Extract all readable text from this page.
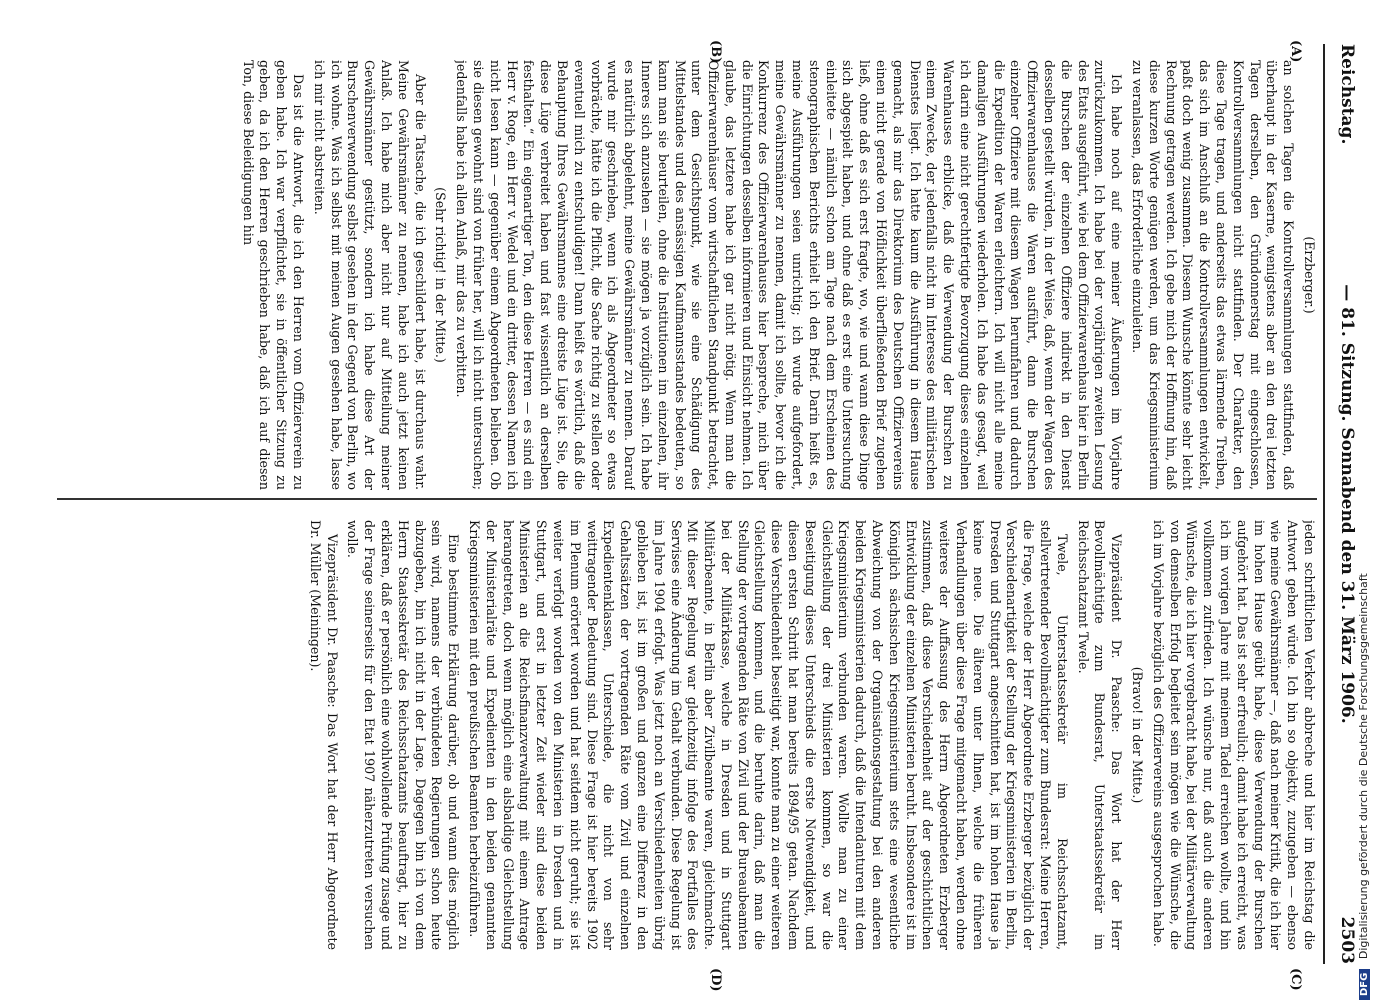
Reichstag.
— 81. Sitzung. Sonnabend den 31. März 1906.
2503
(A)
(B)
(C)
(D)

(Erzberger.)

an solchen Tagen die Kontrollversammlungen stattfinden, daß überhaupt in der Kaserne, wenigstens aber an den drei letzten Tagen derselben, den Gründonnerstag mit eingeschlossen, Kontrollversammlungen nicht stattfinden. Der Charakter, den diese Tage tragen, und anderseits das etwas lärmende Treiben, das sich im Anschluß an die Kontrollversammlungen entwickelt, paßt doch wenig zusammen. Diesem Wunsche könnte sehr leicht Rechnung getragen werden. Ich gebe mich der Hoffnung hin, daß diese kurzen Worte genügen werden, um das Kriegsministerium zu veranlassen, das Erforderliche einzuleiten.

Ich habe noch auf eine meiner Äußerungen im Vorjahre zurückzukommen. Ich habe bei der vorjährigen zweiten Lesung des Etats ausgeführt, wie bei dem Offizierwarenhaus hier in Berlin die Burschen der einzelnen Offiziere indirekt in den Dienst desselben gestellt würden, in der Weise, daß, wenn der Wagen des Offizierwarenhauses die Waren ausführt, dann die Burschen einzelner Offiziere mit diesem Wagen herumfahren und dadurch die Expedition der Waren erleichtern. Ich will nicht alle meine damaligen Ausführungen wiederholen. Ich habe das gesagt, weil ich darin eine nicht gerechtfertigte Bevorzugung dieses einzelnen Warenhauses erblicke, daß die Verwendung der Burschen zu einem Zwecke, der jedenfalls nicht im Interesse des militärischen Dienstes liegt. Ich hatte kaum die Ausführung in diesem Hause gemacht, als mir das Direktorium des Deutschen Offiziervereins einen nicht gerade von Höflichkeit überfließenden Brief zugehen ließ, ohne daß es sich erst fragte, wo, wie und wann diese Dinge sich abgespielt haben, und ohne daß es erst eine Untersuchung einleitete — nämlich schon am Tage nach dem Erscheinen des stenographischen Berichts erhielt ich den Brief. Darin heißt es, meine Ausführungen seien unrichtig; ich wurde aufgefordert, meine Gewährsmänner zu nennen, damit ich sollte, bevor ich die Konkurrenz des Offizierwarenhauses hier bespreche, mich über die Einrichtungen desselben informieren und Einsicht nehmen. Ich glaube, das letztere habe ich gar nicht nötig. Wenn man die Offizierwarenhäuser vom wirtschaftlichen Standpunkt betrachtet, unter dem Gesichtspunkt, wie sie eine Schädigung des Mittelstandes und des ansässigen Kaufmannsstandes bedeuten, so kann man sie beurteilen, ohne die Institutionen im einzelnen, ihr Inneres sich anzusehen — sie mögen ja vorzüglich sein. Ich habe es natürlich abgelehnt, meine Gewährsmänner zu nennen. Darauf wurde mir geschrieben, wenn ich als Abgeordneter so etwas vorbrächte, hätte ich die Pflicht, die Sache richtig zu stellen oder eventuell mich zu entschuldigen! Dann heißt es wörtlich, daß die Behauptung Ihres Gewährsmannes eine dreiste Lüge ist. Sie, die diese Lüge verbreitet haben und fast wissentlich an derselben festhalten.“ Ein eigenartiger Ton, den diese Herren — es sind ein Herr v. Roge, ein Herr v. Wedel und ein dritter, dessen Namen ich nicht lesen kann — gegenüber einem Abgeordneten belieben. Ob sie diesen gewohnt sind von früher her, will ich nicht untersuchen; jedenfalls habe ich allen Anlaß, mir das zu verbitten.

(Sehr richtig! in der Mitte.)

Aber die Tatsache, die ich geschildert habe, ist durchaus wahr. Meine Gewährsmänner zu nennen, habe ich auch jetzt keinen Anlaß. Ich habe mich aber nicht nur auf Mitteilung meiner Gewährsmänner gestützt, sondern ich habe diese Art der Burschenverwendung selbst gesehen in der Gegend von Berlin, wo ich wohne. Was ich selbst mit meinen Augen gesehen habe, lasse ich mir nicht abstreiten.

Das ist die Antwort, die ich den Herren vom Offizierverein zu geben habe. Ich war verpflichtet, sie in öffentlicher Sitzung zu geben, da ich den Herren geschrieben habe, daß ich auf diesen Ton, diese Beleidigungen hin

jeden schriftlichen Verkehr abbreche und hier im Reichstag die Antwort geben würde. Ich bin so objektiv, zuzugeben — ebenso wie meine Gewährsmänner —, daß nach meiner Kritik, die ich hier im hohen Hause geübt habe, diese Verwendung der Burschen aufgehört hat. Das ist sehr erfreulich; damit habe ich erreicht, was ich im vorigen Jahre mit meinem Tadel erreichen wollte, und bin vollkommen zufrieden. Ich wünsche nur, daß auch die anderen Wünsche, die ich hier vorgebracht habe, bei der Militärverwaltung von demselben Erfolg begleitet sein mögen wie die Wünsche, die ich im Vorjahre bezüglich des Offiziervereins ausgesprochen habe.

(Bravo! in der Mitte.)

Vizepräsident Dr. Paasche: Das Wort hat der Herr Bevollmächtigte zum Bundesrat, Unterstaatssekretär im Reichsschatzamt Twele.

Twele, Unterstaatssekretär im Reichsschatzamt, stellvertretender Bevollmächtigter zum Bundesrat: Meine Herren, die Frage, welche der Herr Abgeordnete Erzberger bezüglich der Verschiedenartigkeit der Stellung der Kriegsministerien in Berlin, Dresden und Stuttgart angeschnitten hat, ist im hohen Hause ja keine neue. Die älteren unter Ihnen, welche die früheren Verhandlungen über diese Frage mitgemacht haben, werden ohne weiteres der Auffassung des Herrn Abgeordneten Erzberger zustimmen, daß diese Verschiedenheit auf der geschichtlichen Entwicklung der einzelnen Ministerien beruht. Insbesondere ist im Königlich sächsischen Kriegsministerium stets eine wesentliche Abweichung von der Organisationsgestaltung bei den anderen beiden Kriegsministerien dadurch, daß die Intendanturen mit dem Kriegsministerium verbunden waren. Wollte man zu einer Gleichstellung der drei Ministerien kommen, so war die Beseitigung dieses Unterschieds die erste Notwendigkeit, und diesen ersten Schritt hat man bereits 1894/95 getan. Nachdem diese Verschiedenheit beseitigt war, konnte man zu einer weiteren Gleichstellung kommen, und die beruhte darin, daß man die Stellung der vortragenden Räte von Zivil und der Bureaubeamten bei der Militärkasse, welche in Dresden und in Stuttgart Militärbeamte, in Berlin aber Zivilbeamte waren, gleichmachte. Mit dieser Regelung war gleichzeitig infolge des Fortfalles des Servises eine Änderung im Gehalt verbunden. Diese Regelung ist im Jahre 1904 erfolgt. Was jetzt noch an Verschiedenheiten übrig geblieben ist, ist im großen und ganzen eine Differenz in den Gehaltssätzen der vortragenden Räte vom Zivil und einzelnen Expedientenklassen, Unterschiede, die nicht von sehr weittragender Bedeutung sind. Diese Frage ist hier bereits 1902 im Plenum erörtert worden und hat seitdem nicht geruht; sie ist weiter verfolgt worden von den Ministerien in Dresden und in Stuttgart, und erst in letzter Zeit wieder sind diese beiden Ministerien an die Reichsfinanzverwaltung mit einem Antrage herangetreten, doch wenn möglich eine alsbaldige Gleichstellung der Ministerialräte und Expedienten in den beiden genannten Kriegsministerien mit den preußischen Beamten herbeizuführen.

Eine bestimmte Erklärung darüber, ob und wann dies möglich sein wird, namens der verbündeten Regierungen schon heute abzugeben, bin ich nicht in der Lage. Dagegen bin ich von dem Herrn Staatssekretär des Reichsschatzamts beauftragt, hier zu erklären, daß er persönlich eine wohlwollende Prüfung zusage und der Frage seinerseits für den Etat 1907 näherzutreten versuchen wolle.

Vizepräsident Dr. Paasche: Das Wort hat der Herr Abgeordnete Dr. Müller (Meiningen).

DFG Digitalisierung gefördert durch die Deutsche Forschungsgemeinschaft
